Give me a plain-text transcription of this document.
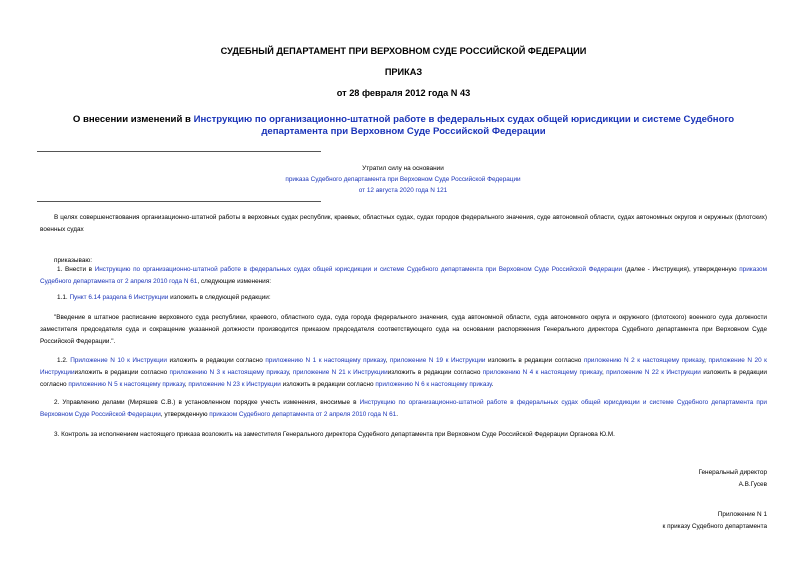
СУДЕБНЫЙ ДЕПАРТАМЕНТ ПРИ ВЕРХОВНОМ СУДЕ РОССИЙСКОЙ ФЕДЕРАЦИИ
ПРИКАЗ
от 28 февраля 2012 года N 43
О внесении изменений в Инструкцию по организационно-штатной работе в федеральных судах общей юрисдикции и системе Судебного департамента при Верховном Суде Российской Федерации
Утратил силу на основании
приказа Судебного департамента при Верховном Суде Российской Федерации
от 12 августа 2020 года N 121
В целях совершенствования организационно-штатной работы в верховных судах республик, краевых, областных судах, судах городов федерального значения, суде автономной области, судах автономных округов и окружных (флотских) военных судах
приказываю:
1. Внести в Инструкцию по организационно-штатной работе в федеральных судах общей юрисдикции и системе Судебного департамента при Верховном Суде Российской Федерации (далее - Инструкция), утвержденную приказом Судебного департамента от 2 апреля 2010 года N 61, следующие изменения:
1.1. Пункт 6.14 раздела 6 Инструкции изложить в следующей редакции:
"Введение в штатное расписание верховного суда республики, краевого, областного суда, суда города федерального значения, суда автономной области, суда автономного округа и окружного (флотского) военного суда должности заместителя председателя суда и сокращение указанной должности производится приказом председателя соответствующего суда на основании распоряжения Генерального директора Судебного департамента при Верховном Суде Российской Федерации.".
1.2. Приложение N 10 к Инструкции изложить в редакции согласно приложению N 1 к настоящему приказу, приложение N 19 к Инструкции изложить в редакции согласно приложению N 2 к настоящему приказу, приложение N 20 к Инструкцииизложить в редакции согласно приложению N 3 к настоящему приказу, приложение N 21 к Инструкцииизложить в редакции согласно приложению N 4 к настоящему приказу, приложение N 22 к Инструкции изложить в редакции согласно приложению N 5 к настоящему приказу, приложение N 23 к Инструкции изложить в редакции согласно приложению N 6 к настоящему приказу.
2. Управлению делами (Миряшев С.В.) в установленном порядке учесть изменения, вносимые в Инструкцию по организационно-штатной работе в федеральных судах общей юрисдикции и системе Судебного департамента при Верховном Суде Российской Федерации, утвержденную приказом Судебного департамента от 2 апреля 2010 года N 61.
3. Контроль за исполнением настоящего приказа возложить на заместителя Генерального директора Судебного департамента при Верховном Суде Российской Федерации Органова Ю.М.
Генеральный директор
А.В.Гусев
Приложение N 1
к приказу Судебного департамента
